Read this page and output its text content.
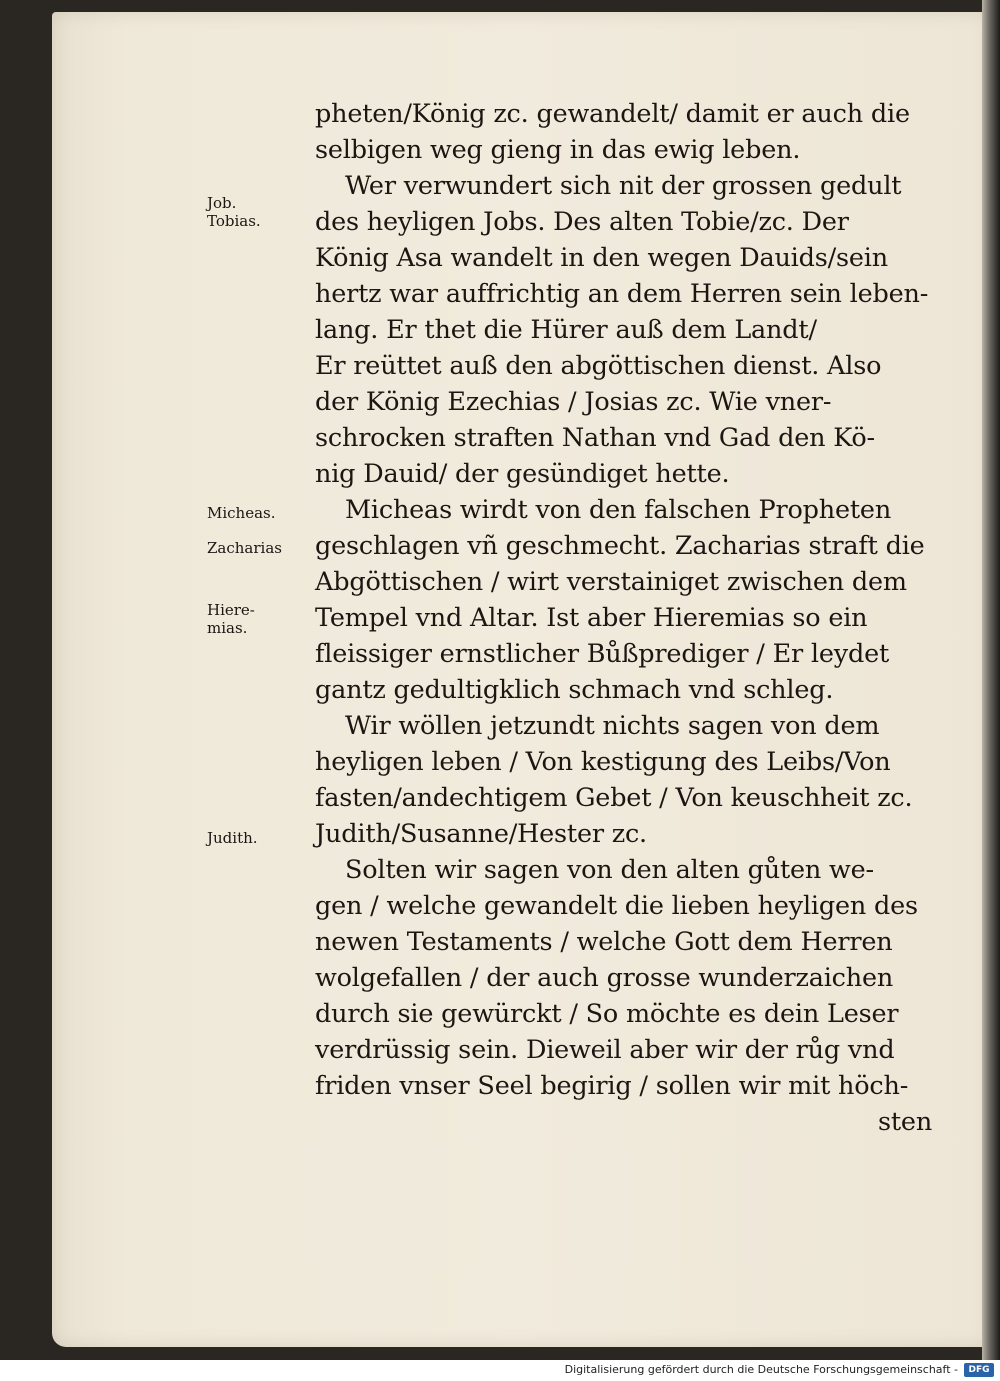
pheten/König zc. gewandelt/ damit er auch die
selbigen weg gieng in das ewig leben.
Wer verwundert sich nit der grossen gedult
des heyligen Jobs. Des alten Tobie/zc. Der
König Asa wandelt in den wegen Dauids/sein
hertz war auffrichtig an dem Herren sein leben-
lang. Er thet die Hürer auß dem Landt/
Er reüttet auß den abgöttischen dienst. Also
der König Ezechias / Josias zc. Wie vner-
schrocken straften Nathan vnd Gad den Kö-
nig Dauid/ der gesündiget hette.
Micheas wirdt von den falschen Propheten
geschlagen vñ geschmecht. Zacharias straft die
Abgöttischen / wirt verstainiget zwischen dem
Tempel vnd Altar. Ist aber Hieremias so ein
fleissiger ernstlicher Bůßprediger / Er leydet
gantz gedultigklich schmach vnd schleg.
Wir wöllen jetzundt nichts sagen von dem
heyligen leben / Von kestigung des Leibs/Von
fasten/andechtigem Gebet / Von keuschheit zc.
Judith/Susanne/Hester zc.
Solten wir sagen von den alten gůten we-
gen / welche gewandelt die lieben heyligen des
newen Testaments / welche Gott dem Herren
wolgefallen / der auch grosse wunderzaichen
durch sie gewürckt / So möchte es dein Leser
verdrüssig sein. Dieweil aber wir der růg vnd
friden vnser Seel begirig / sollen wir mit höch-
sten
Job.
Tobias.
Micheas.
Zacharias
Hiere-
mias.
Judith.
Digitalisierung gefördert durch die Deutsche Forschungsgemeinschaft -	DFG
